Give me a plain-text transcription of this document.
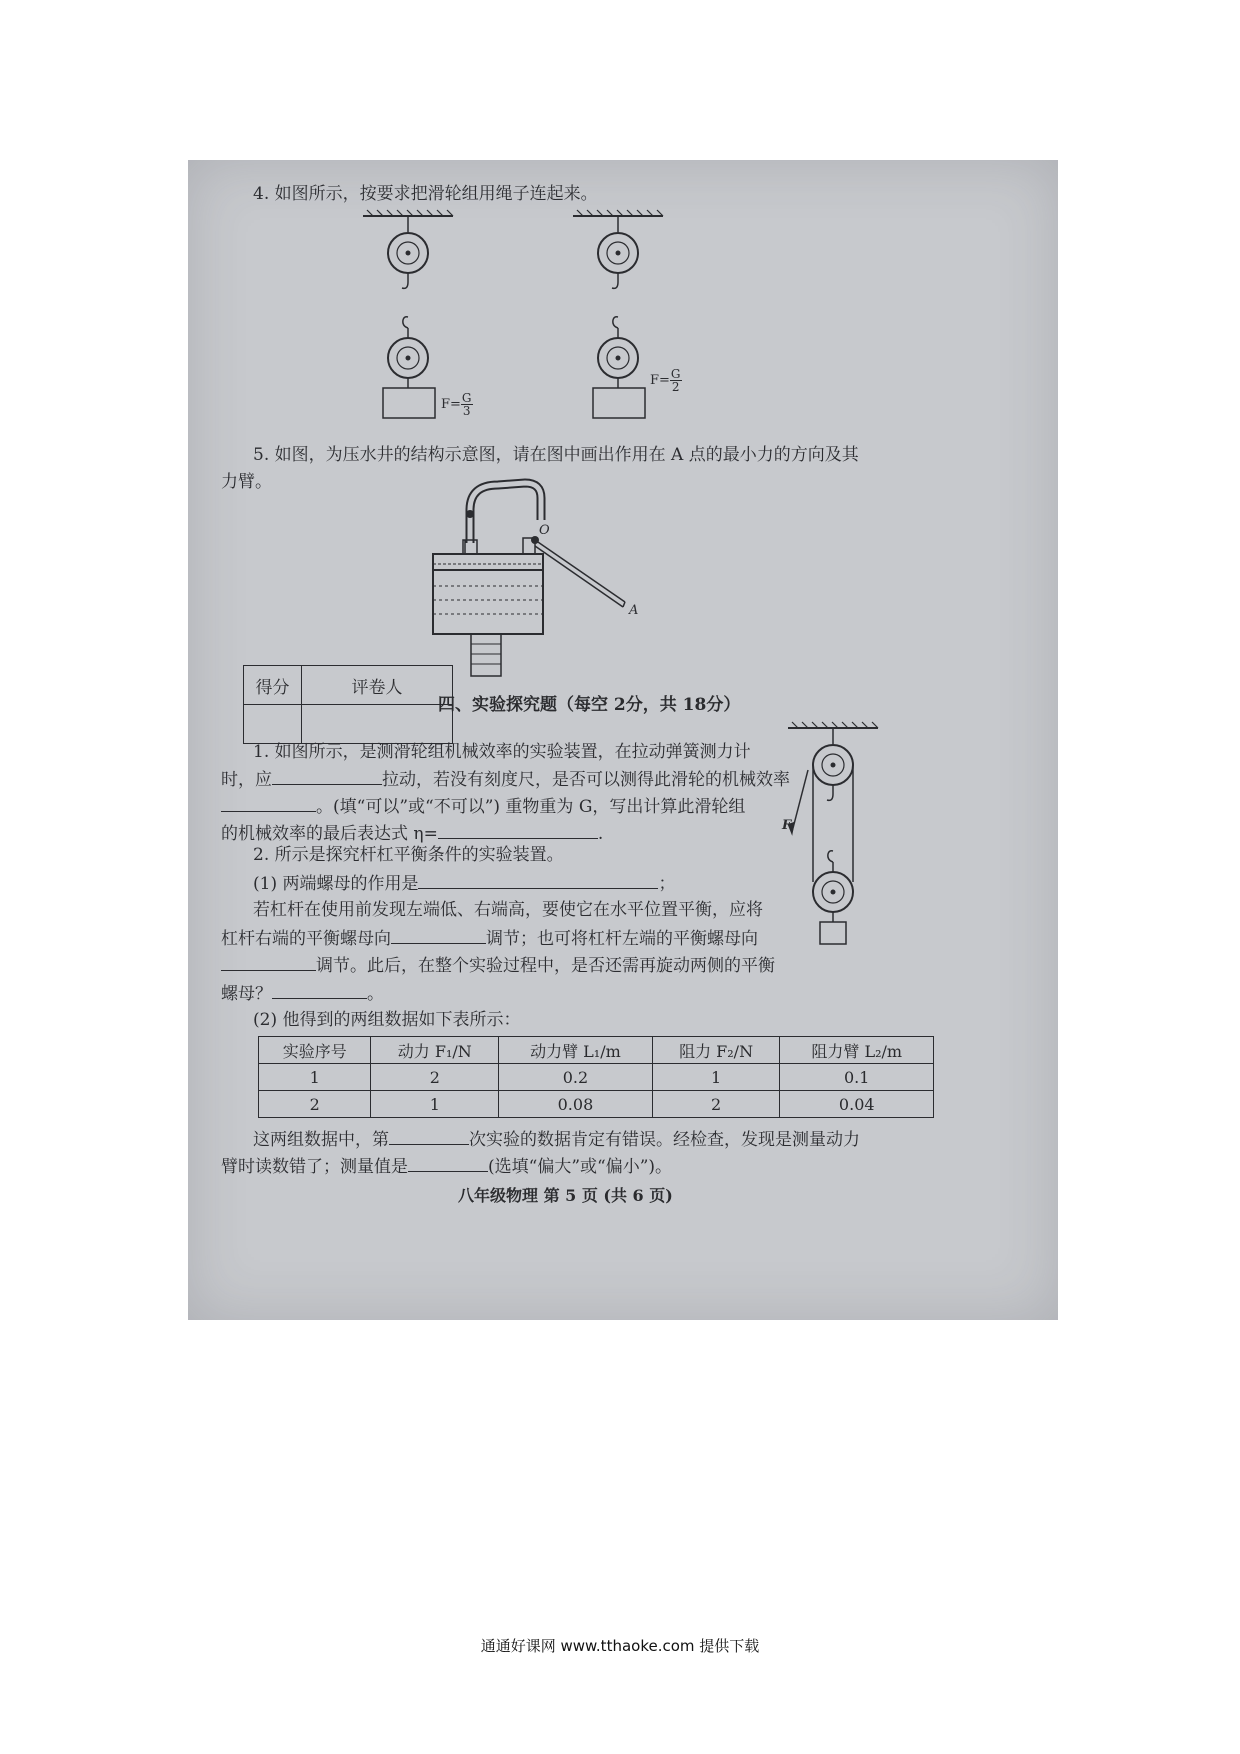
4. 如图所示，按要求把滑轮组用绳子连起来。
$F= \frac{G}{3}$
$F= \frac{G}{2}$
5. 如图，为压水井的结构示意图，请在图中画出作用在 A 点的最小力的方向及其
力臂。
O
A
得分	评卷人

四、实验探究题（每空 2分，共 18分）
1. 如图所示，是测滑轮组机械效率的实验装置，在拉动弹簧测力计
时，应	拉动，若没有刻度尺，是否可以测得此滑轮的机械效率
。(填“可以”或“不可以”) 重物重为 G，写出计算此滑轮组
的机械效率的最后表达式 η=	.	F
2. 所示是探究杆杠平衡条件的实验装置。
(1) 两端螺母的作用是	；
若杠杆在使用前发现左端低、右端高，要使它在水平位置平衡，应将
杠杆右端的平衡螺母向	调节；也可将杠杆左端的平衡螺母向
调节。此后，在整个实验过程中，是否还需再旋动两侧的平衡
螺母？	。
(2) 他得到的两组数据如下表所示：
实验序号	动力 F₁/N	动力臂 L₁/m	阻力 F₂/N	阻力臂 L₂/m
1	2	0.2	1	0.1
2	1	0.08	2	0.04
这两组数据中，第	次实验的数据肯定有错误。经检查，发现是测量动力
臂时读数错了；测量值是	(选填“偏大”或“偏小”)。
八年级物理 第 5 页 (共 6 页)
通通好课网 www.tthaoke.com 提供下载
